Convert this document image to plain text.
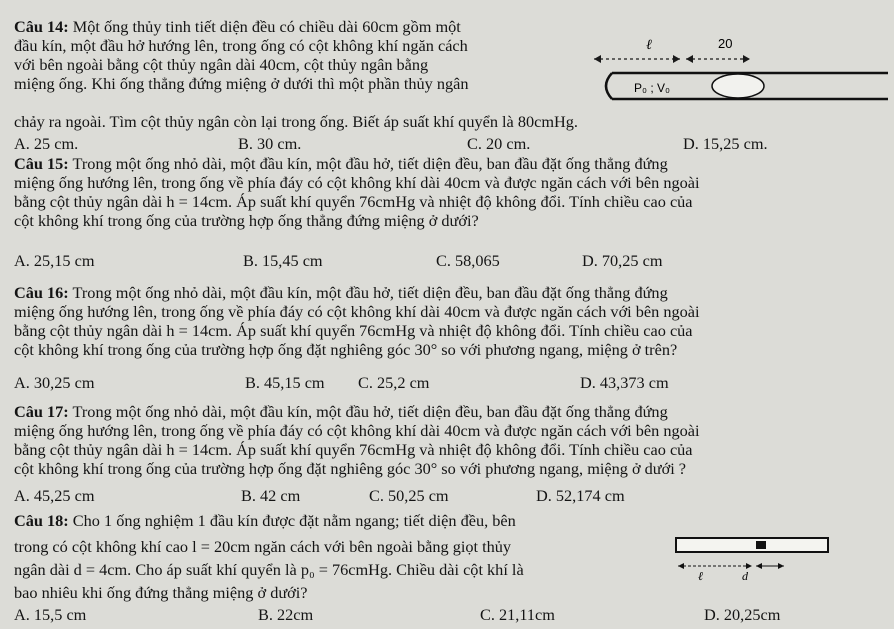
Câu 14: Một ống thủy tinh tiết diện đều có chiều dài 60cm gồm một
đầu kín, một đầu hở hướng lên, trong ống có cột không khí ngăn cách
với bên ngoài bằng cột thủy ngân dài 40cm, cột thủy ngân bằng
miệng ống. Khi ống thẳng đứng miệng ở dưới thì một phần thủy ngân
chảy ra ngoài. Tìm cột thủy ngân còn lại trong ống. Biết áp suất khí quyển là 80cmHg.
A. 25 cm.	B. 30 cm.	C. 20 cm.	D. 15,25 cm.
ℓ	20
P₀ ; V₀
Câu 15: Trong một ống nhỏ dài, một đầu kín, một đầu hở, tiết diện đều, ban đầu đặt ống thẳng đứng
miệng ống hướng lên, trong ống về phía đáy có cột không khí dài 40cm và được ngăn cách với bên ngoài
bằng cột thủy ngân dài h = 14cm. Áp suất khí quyển 76cmHg và nhiệt độ không đổi. Tính chiều cao của
cột không khí trong ống của trường hợp ống thẳng đứng miệng ở dưới?
A. 25,15 cm	B. 15,45 cm	C. 58,065	D. 70,25 cm
Câu 16: Trong một ống nhỏ dài, một đầu kín, một đầu hở, tiết diện đều, ban đầu đặt ống thẳng đứng
miệng ống hướng lên, trong ống về phía đáy có cột không khí dài 40cm và được ngăn cách với bên ngoài
bằng cột thủy ngân dài h = 14cm. Áp suất khí quyển 76cmHg và nhiệt độ không đổi. Tính chiều cao của
cột không khí trong ống của trường hợp ống đặt nghiêng góc 30° so với phương ngang, miệng ở trên?
A. 30,25 cm	B. 45,15 cm C. 25,2 cm	D. 43,373 cm
Câu 17: Trong một ống nhỏ dài, một đầu kín, một đầu hở, tiết diện đều, ban đầu đặt ống thẳng đứng
miệng ống hướng lên, trong ống về phía đáy có cột không khí dài 40cm và được ngăn cách với bên ngoài
bằng cột thủy ngân dài h = 14cm. Áp suất khí quyển 76cmHg và nhiệt độ không đổi. Tính chiều cao của
cột không khí trong ống của trường hợp ống đặt nghiêng góc 30° so với phương ngang, miệng ở dưới ?
A. 45,25 cm	B. 42 cm	C. 50,25 cm	D. 52,174 cm
Câu 18: Cho 1 ống nghiệm 1 đầu kín được đặt nằm ngang; tiết diện đều, bên
trong có cột không khí cao l = 20cm ngăn cách với bên ngoài bằng giọt thủy
ngân dài d = 4cm. Cho áp suất khí quyển là p₀ = 76cmHg. Chiều dài cột khí là
bao nhiêu khi ống đứng thẳng miệng ở dưới?
A. 15,5 cm	B. 22cm	C. 21,11cm	D. 20,25cm
ℓ	d
